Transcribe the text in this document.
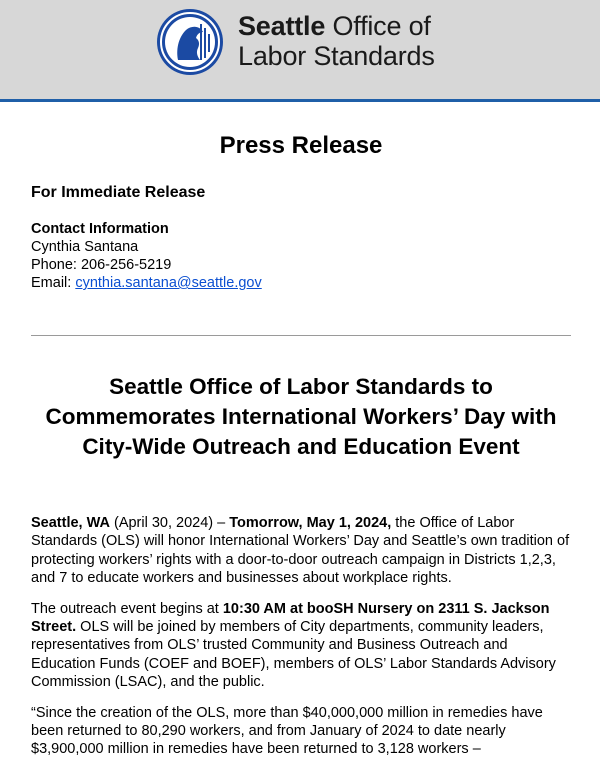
Seattle Office of
Labor Standards
Press Release
For Immediate Release
Contact Information
Cynthia Santana
Phone: 206-256-5219
Email: cynthia.santana@seattle.gov
Seattle Office of Labor Standards to Commemorates International Workers’ Day with City-Wide Outreach and Education Event

Seattle, WA (April 30, 2024) – Tomorrow, May 1, 2024, the Office of Labor Standards (OLS) will honor International Workers’ Day and Seattle’s own tradition of protecting workers’ rights with a door-to-door outreach campaign in Districts 1,2,3, and 7 to educate workers and businesses about workplace rights.

The outreach event begins at 10:30 AM at booSH Nursery on 2311 S. Jackson Street. OLS will be joined by members of City departments, community leaders, representatives from OLS’ trusted Community and Business Outreach and Education Funds (COEF and BOEF), members of OLS’ Labor Standards Advisory Commission (LSAC), and the public.

“Since the creation of the OLS, more than $40,000,000 million in remedies have been returned to 80,290 workers, and from January of 2024 to date nearly $3,900,000 million in remedies have been returned to 3,128 workers –
